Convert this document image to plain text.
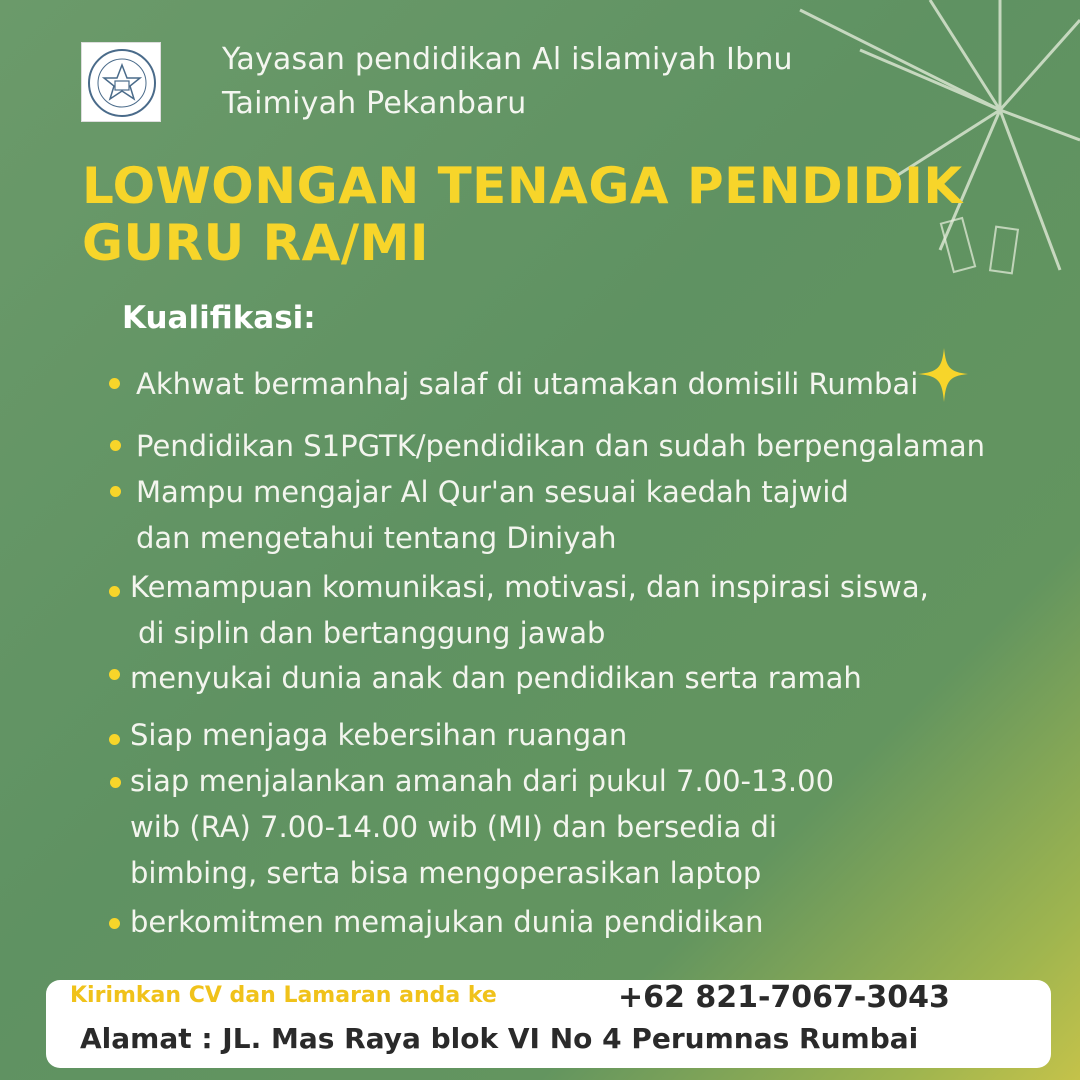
Yayasan pendidikan Al islamiyah Ibnu
Taimiyah Pekanbaru
LOWONGAN TENAGA PENDIDIK
GURU RA/MI
Kualifikasi:
Akhwat bermanhaj salaf di utamakan domisili Rumbai
Pendidikan S1PGTK/pendidikan dan sudah berpengalaman
Mampu mengajar Al Qur'an sesuai kaedah tajwid
dan mengetahui tentang Diniyah
Kemampuan komunikasi, motivasi, dan inspirasi siswa,
di siplin dan bertanggung jawab
menyukai dunia anak dan pendidikan serta ramah
Siap menjaga kebersihan ruangan
siap menjalankan amanah dari pukul 7.00-13.00
wib (RA) 7.00-14.00 wib (MI) dan bersedia di
bimbing, serta bisa mengoperasikan laptop
berkomitmen memajukan dunia pendidikan
Kirimkan CV dan Lamaran anda ke	+62 821-7067-3043
Alamat : JL. Mas Raya blok VI No 4 Perumnas Rumbai
